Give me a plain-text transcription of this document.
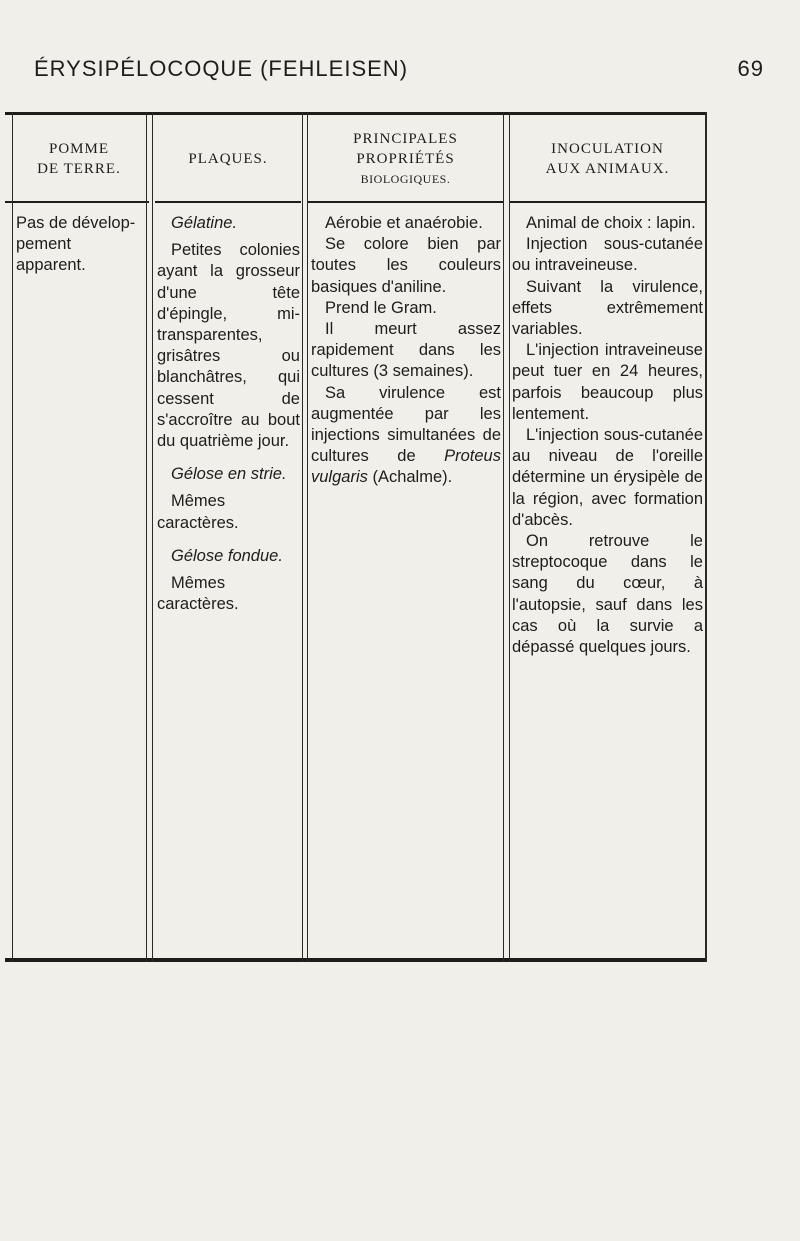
ÉRYSIPÉLOCOQUE (FEHLEISEN)	69
POMME
DE TERRE.
PLAQUES.
PRINCIPALES
PROPRIÉTÉS
BIOLOGIQUES.
INOCULATION
AUX ANIMAUX.
Pas de développement apparent.
Gélatine.
Petites colonies ayant la grosseur d'une tête d'épingle, mi-transparentes, grisâtres ou blanchâtres, qui cessent de s'accroître au bout du quatrième jour.
Gélose en strie.
Mêmes caractères.
Gélose fondue.
Mêmes caractères.
Aérobie et anaérobie.
Se colore bien par toutes les couleurs basiques d'aniline.
Prend le Gram.
Il meurt assez rapidement dans les cultures (3 semaines).
Sa virulence est augmentée par les injections simultanées de cultures de Proteus vulgaris (Achalme).
Animal de choix : lapin.
Injection sous-cutanée ou intraveineuse.
Suivant la virulence, effets extrêmement variables.
L'injection intraveineuse peut tuer en 24 heures, parfois beaucoup plus lentement.
L'injection sous-cutanée au niveau de l'oreille détermine un érysipèle de la région, avec formation d'abcès.
On retrouve le streptocoque dans le sang du cœur, à l'autopsie, sauf dans les cas où la survie a dépassé quelques jours.
